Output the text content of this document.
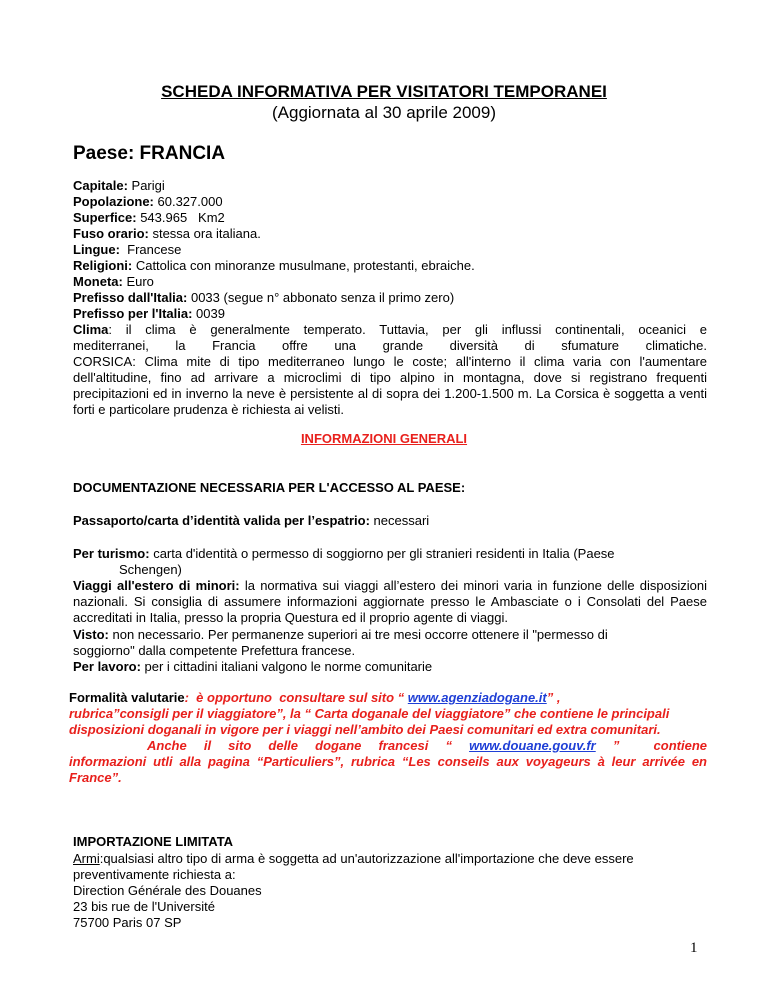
SCHEDA INFORMATIVA PER VISITATORI TEMPORANEI
(Aggiornata al 30 aprile 2009)
Paese: FRANCIA
Capitale: Parigi
Popolazione: 60.327.000
Superfice: 543.965   Km2
Fuso orario: stessa ora italiana.
Lingue:  Francese
Religioni: Cattolica con minoranze musulmane, protestanti, ebraiche.
Moneta: Euro
Prefisso dall'Italia: 0033 (segue n° abbonato senza il primo zero)
Prefisso per l'Italia: 0039
Clima: il clima è generalmente temperato. Tuttavia, per gli influssi continentali, oceanici e
mediterranei, la Francia offre una grande diversità di sfumature climatiche.
CORSICA: Clima mite di tipo mediterraneo lungo le coste; all'interno il clima varia con l'aumentare dell'altitudine, fino ad arrivare a microclimi di tipo alpino in montagna, dove si registrano frequenti precipitazioni ed in inverno la neve è persistente al di sopra dei 1.200-1.500 m. La Corsica è soggetta a venti forti e particolare prudenza è richiesta ai velisti.
INFORMAZIONI GENERALI
DOCUMENTAZIONE NECESSARIA PER L'ACCESSO AL PAESE:
Passaporto/carta d’identità valida per l’espatrio: necessari
Per turismo: carta d'identità o permesso di soggiorno per gli stranieri residenti in Italia (Paese
Schengen)
Viaggi all'estero di minori: la normativa sui viaggi all’estero dei minori varia in funzione delle disposizioni nazionali. Si consiglia di assumere informazioni aggiornate presso le Ambasciate o i Consolati del Paese accreditati in Italia, presso la propria Questura ed il proprio agente di viaggi.
Visto: non necessario. Per permanenze superiori ai tre mesi occorre ottenere il "permesso di
soggiorno" dalla competente Prefettura francese.
Per lavoro: per i cittadini italiani valgono le norme comunitarie
Formalità valutarie:  è opportuno  consultare sul sito “ www.agenziadogane.it” ,
rubrica”consigli per il viaggiatore”, la “ Carta doganale del viaggiatore” che contiene le principali disposizioni doganali in vigore per i viaggi nell’ambito dei Paesi comunitari ed extra comunitari.
Anche  il  sito  delle  dogane  francesi  “  www.douane.gouv.fr  ”    contiene
informazioni utli alla pagina “Particuliers”, rubrica “Les conseils aux voyageurs à leur arrivée en France”.
IMPORTAZIONE LIMITATA
Armi:qualsiasi altro tipo di arma è soggetta ad un'autorizzazione all'importazione che deve essere preventivamente richiesta a:
Direction Générale des Douanes
23 bis rue de l'Université
75700 Paris 07 SP
1
